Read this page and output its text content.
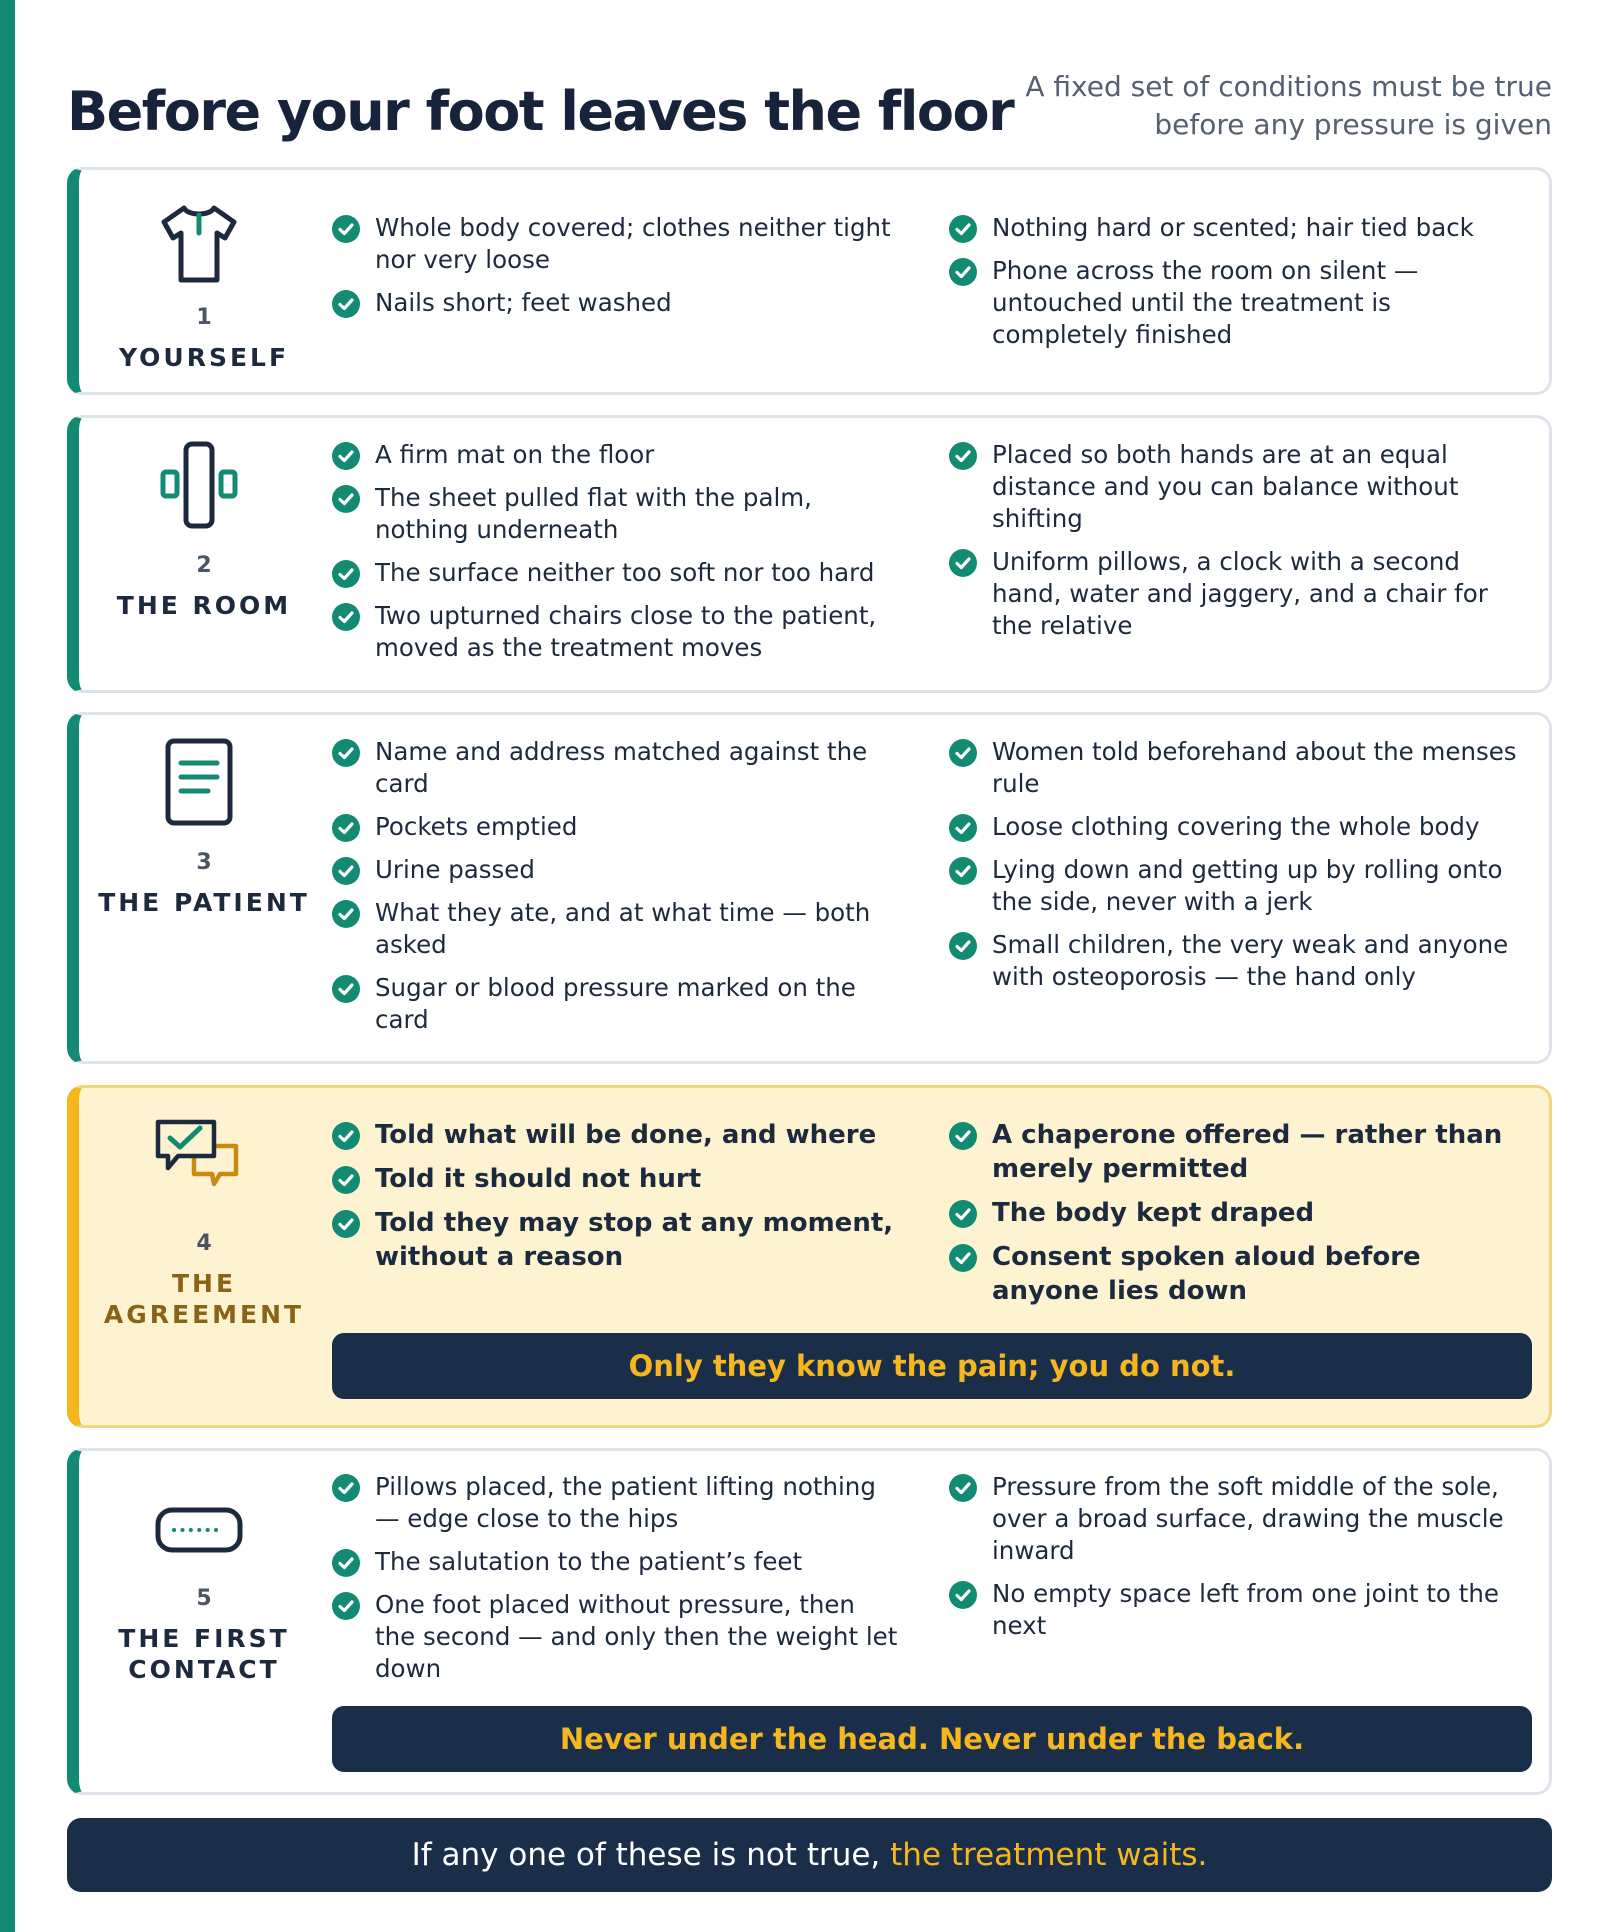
Before your foot leaves the floor A fixed set of conditions must be true
before any pressure is given
1
YOURSELF
Whole body covered; clothes neither tight nor very loose
Nails short; feet washed
Nothing hard or scented; hair tied back
Phone across the room on silent — untouched until the treatment is completely finished
2
THE ROOM
A firm mat on the floor
The sheet pulled flat with the palm, nothing underneath
The surface neither too soft nor too hard
Two upturned chairs close to the patient, moved as the treatment moves
Placed so both hands are at an equal distance and you can balance without shifting
Uniform pillows, a clock with a second hand, water and jaggery, and a chair for the relative
3
THE PATIENT
Name and address matched against the card
Pockets emptied
Urine passed
What they ate, and at what time — both asked
Sugar or blood pressure marked on the card
Women told beforehand about the menses rule
Loose clothing covering the whole body
Lying down and getting up by rolling onto the side, never with a jerk
Small children, the very weak and anyone with osteoporosis — the hand only
4
THE
AGREEMENT
Told what will be done, and where
Told it should not hurt
Told they may stop at any moment, without a reason
A chaperone offered — rather than merely permitted
The body kept draped
Consent spoken aloud before anyone lies down
Only they know the pain; you do not.
5
THE FIRST
CONTACT
Pillows placed, the patient lifting nothing — edge close to the hips
The salutation to the patient’s feet
One foot placed without pressure, then the second — and only then the weight let down
Pressure from the soft middle of the sole, over a broad surface, drawing the muscle inward
No empty space left from one joint to the next
Never under the head. Never under the back.
If any one of these is not true, the treatment waits.
